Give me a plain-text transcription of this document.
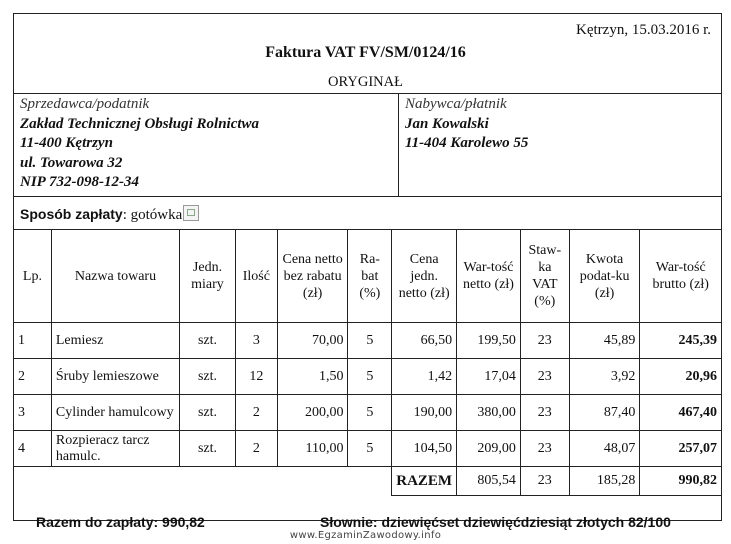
Kętrzyn, 15.03.2016 r.
Faktura VAT FV/SM/0124/16
ORYGINAŁ
Sprzedawca/podatnik
Zakład Technicznej Obsługi Rolnictwa
11-400 Kętrzyn
ul. Towarowa 32
NIP 732-098-12-34
Nabywca/płatnik
Jan Kowalski
11-404 Karolewo 55
Sposób zapłaty: gotówka
Lp.	Nazwa towaru	Jedn. miary	Ilość	Cena netto bez rabatu (zł)	Ra-bat (%)	Cena jedn. netto (zł)	War-tość netto (zł)	Staw-ka VAT (%)	Kwota podat-ku (zł)	War-tość brutto (zł)
1	Lemiesz	szt.	3	70,00	5	66,50	199,50	23	45,89	245,39
2	Śruby lemieszowe	szt.	12	1,50	5	1,42	17,04	23	3,92	20,96
3	Cylinder hamulcowy	szt.	2	200,00	5	190,00	380,00	23	87,40	467,40
4	Rozpieracz tarcz hamulc.	szt.	2	110,00	5	104,50	209,00	23	48,07	257,07
						RAZEM	805,54	23	185,28	990,82
Razem do zapłaty: 990,82	Słownie: dziewięćset dziewięćdziesiąt złotych 82/100
www.EgzaminZawodowy.info
